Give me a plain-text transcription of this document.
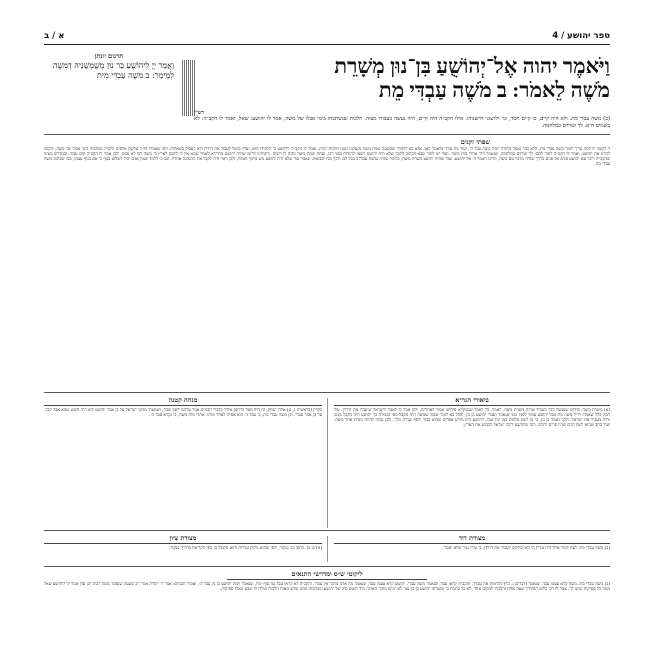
ספר יהושע / 4
א / ב
תרגום יונתן
וַאֲמַר יְיָ לִיהוֹשֻׁעַ בַּר נוּן מְשֻׁמְשָׁנֵיהּ דְמשֶׁה לְמֵימַר: ב משֶׁה עַבְדִּי מִית	וַיֹּאמֶר יהוה אֶל־יְהוֹשֻׁעַ בִּן־נוּן מְשָׁרֵת
מֹשֶׁה לֵאמֹר: ב מֹשֶׁה עַבְדִּי מֵת
רש"י
(ב) משה עבדי מת. ולא היה קיים, כו קיים חסד, וגו׳ ולרצוני דרשנוהו. אילו הקב״ה היה קיים, היה נעשה בעבורו מצוה. הלכות שנשתכחו בימי אבלו של משה, אמר לו יהושע: שאל, ואמר לו הקב״ה: לא בשמים היא. לך וטרדם במלחמה.
שפתי זקנים
ד דקשה לו למה צריך לומר משה עבדי מת, הלא כבר נאמר בתורה וימת משה עבד ה׳, ועוד מה צורך בלאמר כאן. אלא בא ללמדך שבשעה שמת משה נתעלמו ממנו הלכות רבות, ואמר לו הקב״ה ליהושע כי תלמידו הוא, ועליו מוטל לעבור את הירדן ולא לעסוק בשאלות. וזהו שאמרו חז״ל שלשת אלפים הלכות נשתכחו בימי אבלו של משה, ובקשו להרוג את יהושע, ואמר לו הקב״ה לומר להם: לך וטרדם במלחמה, שנאמר ויהי אחרי מות משה. ועוד יש לומר שבא הכתוב ללמד שלא היה יהושע רשאי להורות בפני רבו, ועתה שמת משה נתנה לו רשות. ורבותינו דרשו שהיה יהושע מתיירא לאמר שמא אין לי ליכנס לארץ כי משה רבו לא נכנס, ולכן אמר לו הקב״ה קום עבור. ובמדרש מצינו שהקב״ה דיבר עם יהושע פנים אל פנים כדרך שהיה מדבר עם משה, והיינו ויאמר ה׳ אל יהושע. ועוד שהיה יהושע משרת משה, כלומר שהיה עושה עבודתו בכל לבו ולכך זכה לנבואה. ונאמר עוד שלא היה יהושע מש מתוך האהל, ולכן ראוי היה לקבל את ההנהגה אחריו. וגם כי ללמד שאין אדם יכול לשלוט בגוף כי אם בגוף עצמו, כמו שכתוב משה עבדי מת.
ביאורי הגר״א
(א) משרת משה. פירוש שנעשה לבד בשביל שהיה משרת משה. לאמר. כל לאמר שבמקרא פירושו אמור לאחרים, ולכן אמר לו לאמר לישראל שיעברו את הירדן. עוד תקון כלל שאמרו רז״ל משה מת אבל יהושע עומד לפניו כמו שנאמר ועבדי יהושע בן נון, והכל בא לומר שכמו שמשה היה מקבל מפי הגבורה כך יהושע היה מקבל ממנו והיה מעביר את ישראל. ולכך נאמר בן נון, כי נון לשון מלכות כמו ינון שמו, ויהושע היה מזרע אפרים שהוא בכור ויוסף שהיה מלך, ולכן נבחר להיות מנהיג אחר משה. ועוד כתב שהוא לשון דגים שהיו פרים ורבים, רמז שיהושע ירבה ישראל ויכבוש את הארץ.
מנחה קטנה
בקרין (בראשית ג, ט) אלהי יצחק, זה היה מצד הרחמן אלהי בדברי חכמים אמר עלהם לשון שבח. ושמעתי מזקני ישראל על כן אמר יהושע ולא היה חשש שמא אבל קבל. על כן אמר עבדי. וכן משה עבדי מת, כי עבד ה׳ הוא אפילו לאחר מותו. אחרי מות משה, כי נקרא עבד ה׳.
מצודת ציון
(א) בן נון. כתוב בני בנקוד, ולפי שהוא מלות זעירות והוא מקובל כן מפי הקריאה בהירך בנקוד.
מצודת דוד
(ב) משה עבדי מת. רצה לומר אילו היה עדיין חי לא יכולתם לעבור את הירדן, כי עליו נגזר שלא יעבור.
ליקוטי ש״ס ומדרשי התנאים
(ב) משה עבדי מת. משה קרא עצמו עבד, שנאמר (דברים ג, כד) להראות את עבדך, והקב״ה קראו עבד, שנאמר משה עבדי. יהושע קרא עצמו עבד, שנאמר מה אדני מדבר אל עבדו, והקב״ה לא קראו עבד עד סוף ימיו, שנאמר וימת יהושע בן נון עבד ה׳. ואמרו חכמים: אמר ר׳ יהודה אמר רב בשעה שנפטר משה רבינו לגן עדן אמר לו ליהושע שאל ממני כל ספיקות שיש לך, אמר לו רבי כלום הנחתיך שעה אחת והלכתי למקום אחר, לא כך כתבת בי ומשרתו יהושע בן נון נער לא ימיש מתוך האהל. מיד תשש כחו של יהושע ונשתכחו ממנו שלש מאות הלכות ונולדו לו שבע מאות ספיקות.
